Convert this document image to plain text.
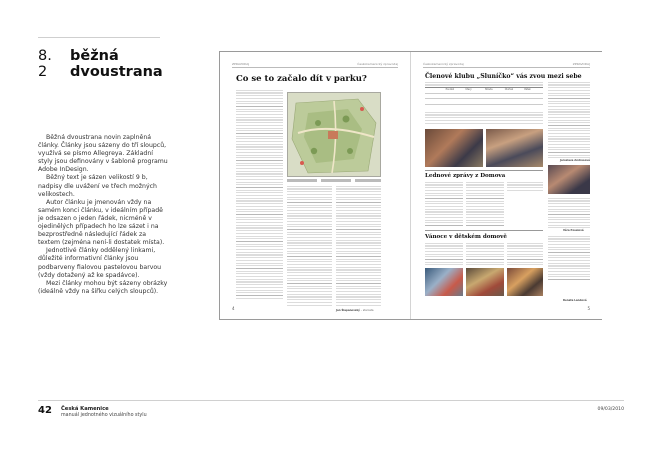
8. 2
běžná
dvoustrana

Běžná dvoustrana novin zaplněná články. Články jsou sázeny do tří sloupců, využívá se písmo Allegreya. Základní styly jsou definovány v šabloně programu Adobe InDesign.

Běžný text je sázen velikostí 9 b, nadpisy dle uvážení ve třech možných velikostech.

Autor článku je jmenován vždy na samém konci článku, v ideálním případě je odsazen o jeden řádek, nicméně v ojedinělých případech ho lze sázet i na bezprostředně následující řádek za textem (zejména není-li dostatek místa).

Jednotlivé články oddělený linkami, důležité informativní články jsou podbarveny fialovou pastelovou barvou (vždy dotažený až ke spadávce).

Mezi články mohou být sázeny obrázky (ideálně vždy na šířku celých sloupců).

ZPRAVODAJ	Českokamenický zpravodaj
Co se to začalo dít v parku?
Jan Šlapanovský – starosta
4
Českokamenický zpravodaj	ZPRAVODAJ
Členové klubu „Sluníčko“ vás zvou mezi sebe
Pondělí	Úterý	Středa	Čtvrtek	Pátek
Jaroslava Andresová
Lednové zprávy z Domova
Věra Poselová
Vánoce v dětském domově
Renata Landová
5
42 Česká Kamenice
manuál jednotného vizuálního stylu
09/03/2010
